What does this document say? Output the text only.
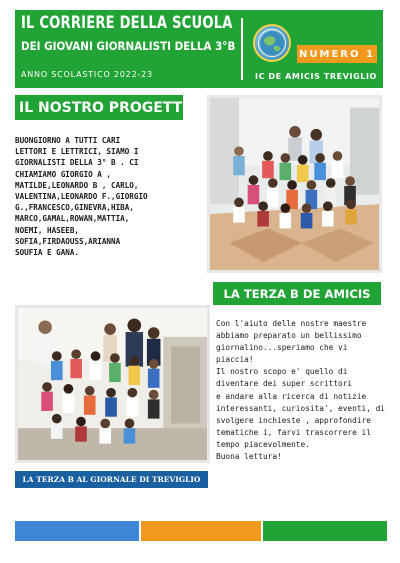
IL CORRIERE DELLA SCUOLA
DEI GIOVANI GIORNALISTI DELLA 3°B
ANNO SCOLASTICO 2022-23
NUMERO 1
IC DE AMICIS TREVIGLIO
IL NOSTRO PROGETTO
BUONGIORNO A TUTTI CARI
LETTORI E LETTRICI, SIAMO I
GIORNALISTI DELLA 3° B . CI
CHIAMIAMO GIORGIO A ,
MATILDE,LEONARDO B , CARLO,
VALENTINA,LEONARDO F.,GIORGIO
G.,FRANCESCO,GINEVRA,HIBA,
MARCO,GAMAL,ROWAN,MATTIA,
NOEMI, HASEEB,
SOFIA,FIRDAOUSS,ARIANNA
SOUFIA E GANA.
LA TERZA B DE AMICIS
Con l'aiuto delle nostre maestre
abbiamo preparato un bellissimo
giornalino...speriamo che vi
piaccia!
Il nostro scopo e' quello di
diventare dei super scrittori
e andare alla ricerca di notizie
interessanti, curiosita', eventi, di
svolgere inchieste , approfondire
tematiche i, farvi trascorrere il
tempo piacevolmente.
Buona lettura!
LA TERZA B AL GIORNALE DI TREVIGLIO
